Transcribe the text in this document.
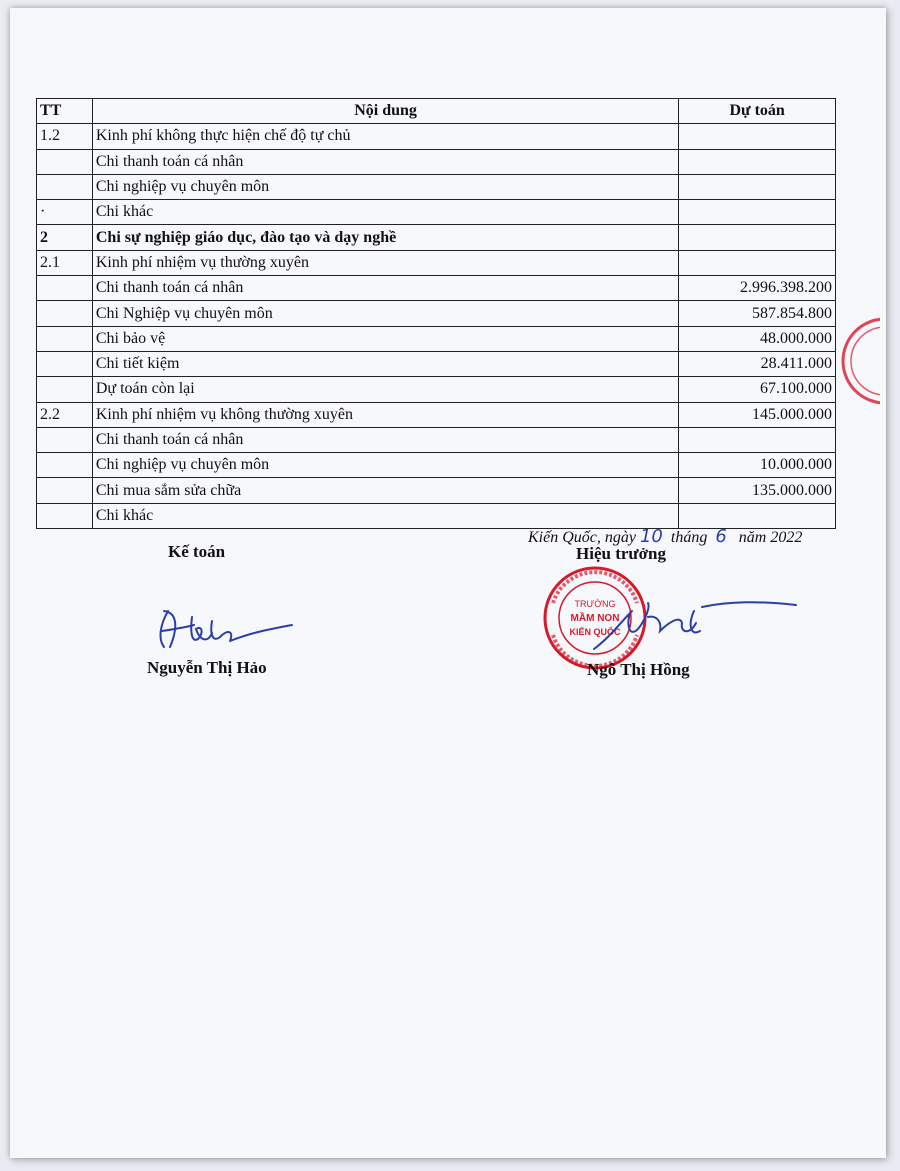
TT	Nội dung	Dự toán
1.2	Kinh phí không thực hiện chế độ tự chủ	
	Chi thanh toán cá nhân	
	Chi nghiệp vụ chuyên môn	
·	Chi khác	
2	Chi sự nghiệp giáo dục, đào tạo và dạy nghề	
2.1	Kinh phí nhiệm vụ thường xuyên	
	Chi thanh toán cá nhân	2.996.398.200
	Chi Nghiệp vụ chuyên môn	587.854.800
	Chi bảo vệ	48.000.000
	Chi tiết kiệm	28.411.000
	Dự toán còn lại	67.100.000
2.2	Kinh phí nhiệm vụ không thường xuyên	145.000.000
	Chi thanh toán cá nhân	
	Chi nghiệp vụ chuyên môn	10.000.000
	Chi mua sắm sửa chữa	135.000.000
	Chi khác	
Kiến Quốc, ngày 10 tháng 6 năm 2022
Kế toán	Hiệu trưởng
TRƯỜNG
MẦM NON
KIẾN QUỐC
Nguyễn Thị Hảo	Ngô Thị Hồng
